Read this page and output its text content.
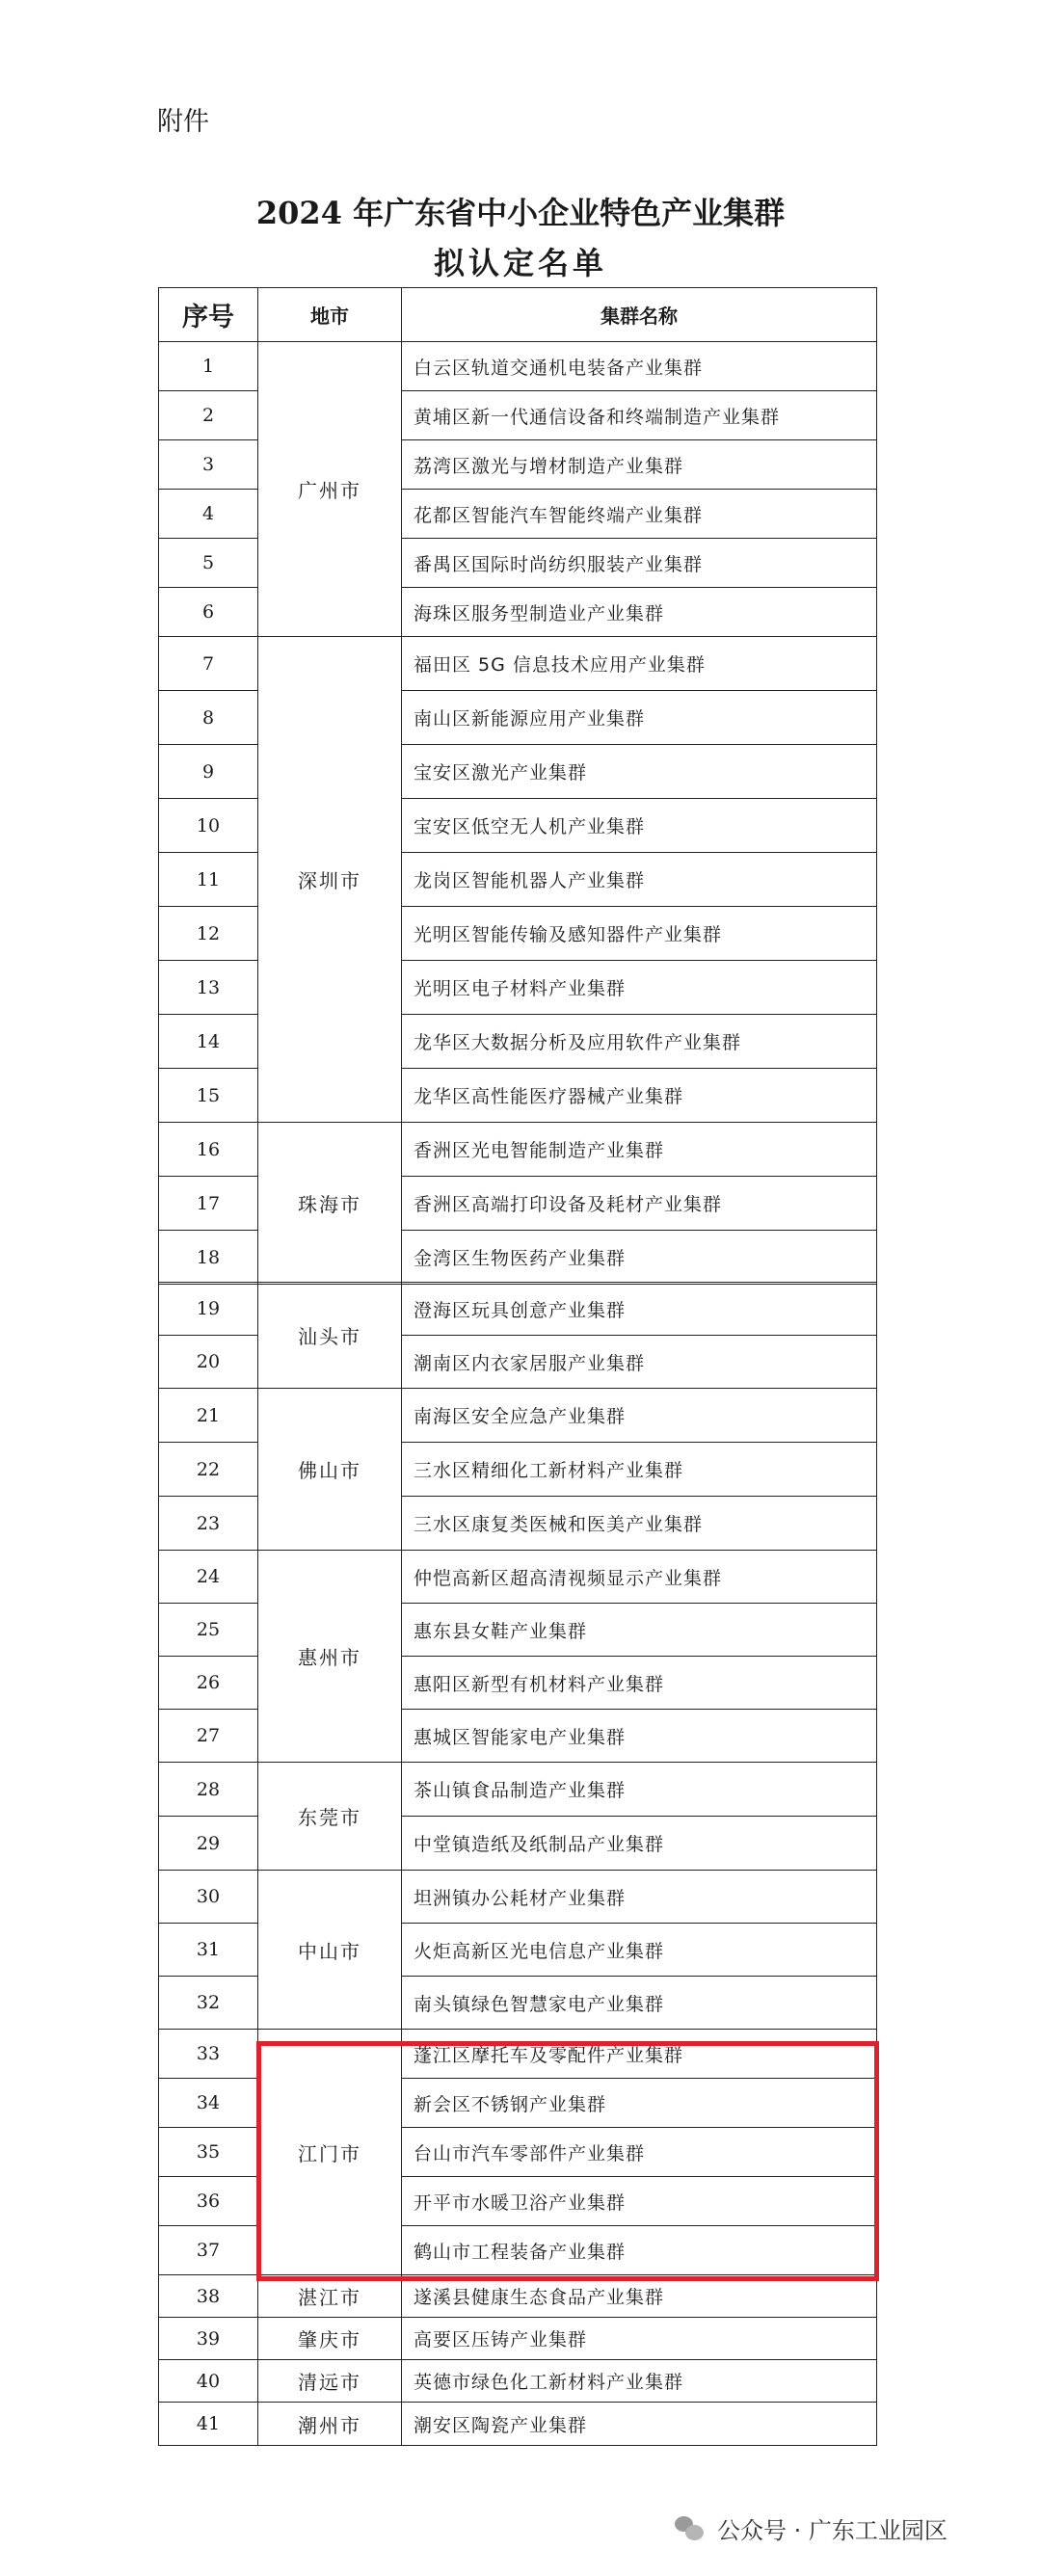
附件
2024 年广东省中小企业特色产业集群
拟认定名单
序号	地市	集群名称
1	广州市	白云区轨道交通机电装备产业集群
2		黄埔区新一代通信设备和终端制造产业集群
3		荔湾区激光与增材制造产业集群
4		花都区智能汽车智能终端产业集群
5		番禺区国际时尚纺织服装产业集群
6		海珠区服务型制造业产业集群
7	深圳市	福田区 5G 信息技术应用产业集群
8		南山区新能源应用产业集群
9		宝安区激光产业集群
10		宝安区低空无人机产业集群
11		龙岗区智能机器人产业集群
12		光明区智能传输及感知器件产业集群
13		光明区电子材料产业集群
14		龙华区大数据分析及应用软件产业集群
15		龙华区高性能医疗器械产业集群
16	珠海市	香洲区光电智能制造产业集群
17		香洲区高端打印设备及耗材产业集群
18		金湾区生物医药产业集群
19	汕头市	澄海区玩具创意产业集群
20		潮南区内衣家居服产业集群
21	佛山市	南海区安全应急产业集群
22		三水区精细化工新材料产业集群
23		三水区康复类医械和医美产业集群
24	惠州市	仲恺高新区超高清视频显示产业集群
25		惠东县女鞋产业集群
26		惠阳区新型有机材料产业集群
27		惠城区智能家电产业集群
28	东莞市	茶山镇食品制造产业集群
29		中堂镇造纸及纸制品产业集群
30	中山市	坦洲镇办公耗材产业集群
31		火炬高新区光电信息产业集群
32		南头镇绿色智慧家电产业集群
33	江门市	蓬江区摩托车及零配件产业集群
34		新会区不锈钢产业集群
35		台山市汽车零部件产业集群
36		开平市水暖卫浴产业集群
37		鹤山市工程装备产业集群
38	湛江市	遂溪县健康生态食品产业集群
39	肇庆市	高要区压铸产业集群
40	清远市	英德市绿色化工新材料产业集群
41	潮州市	潮安区陶瓷产业集群
公众号 · 广东工业园区
